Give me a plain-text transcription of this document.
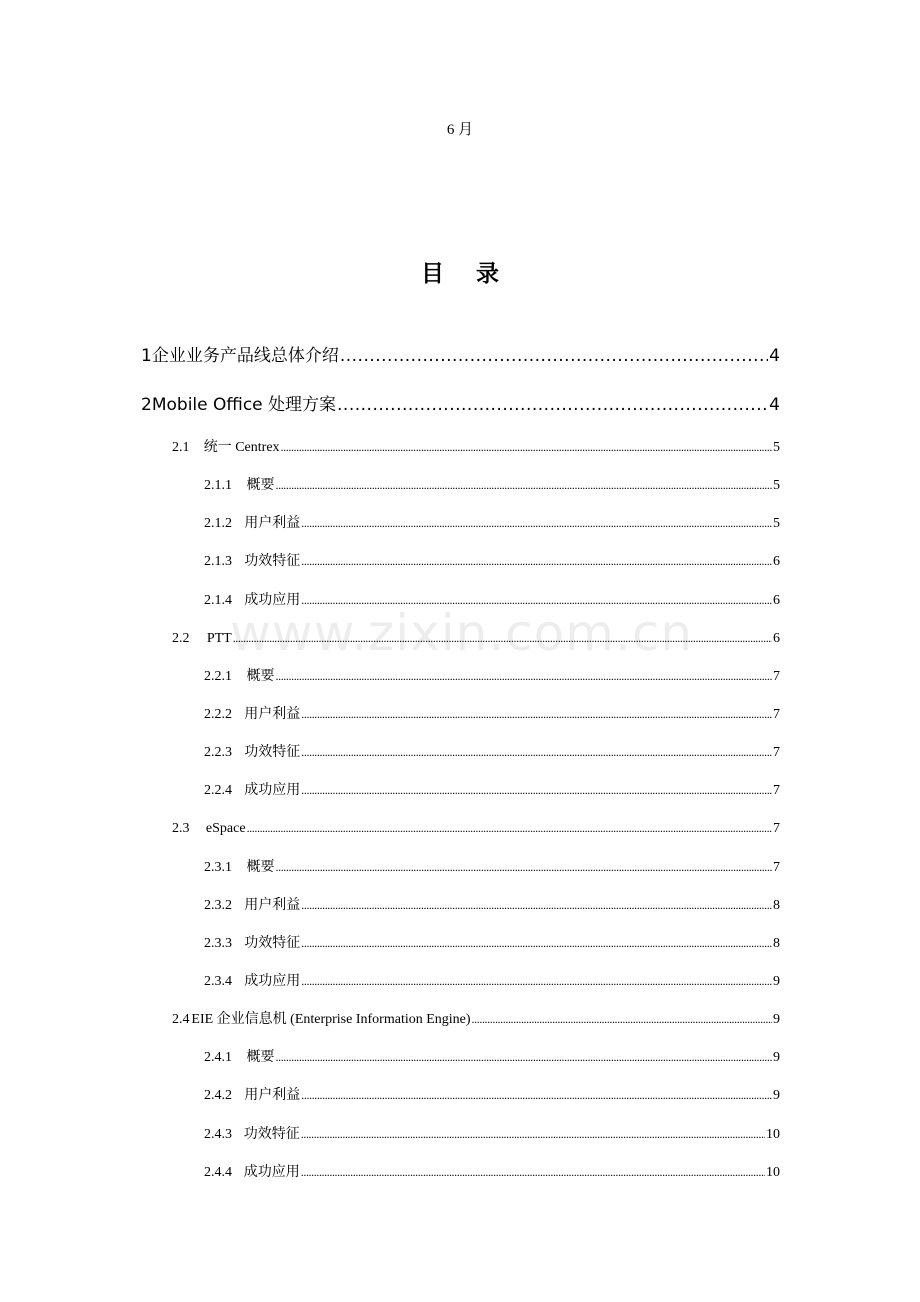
6 月
目 录
1 企业业务产品线总体介绍 .....	4
2 Mobile Office 处理方案 .....	4
2.1	统一 Centrex .....	5
2.1.1	概要 .....	5
2.1.2 用户利益 .....	5
2.1.3 功效特征 .....	6
2.1.4 成功应用 .....	6
2.2	PTT .....	6
2.2.1	概要 .....	7
2.2.2 用户利益 .....	7
2.2.3 功效特征 .....	7
2.2.4 成功应用 .....	7
2.3	eSpace .....	7
2.3.1	概要 .....	7
2.3.2 用户利益 .....	8
2.3.3 功效特征 .....	8
2.3.4 成功应用 .....	9
2.4 EIE 企业信息机 (Enterprise Information Engine) .....	9
2.4.1	概要 .....	9
2.4.2 用户利益 .....	9
2.4.3 功效特征 .....	10
2.4.4 成功应用 .....	10
www.zixin.com.cn
